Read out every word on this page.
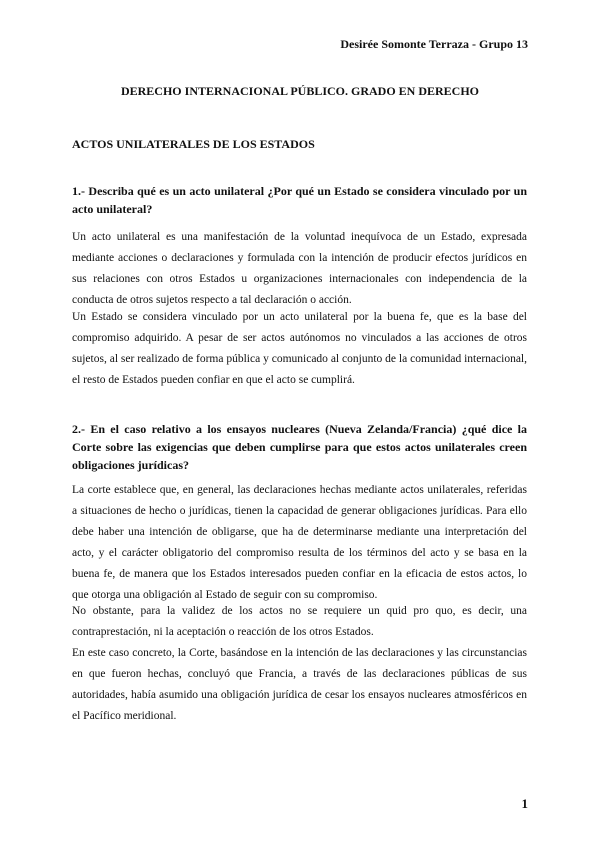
Desirée Somonte Terraza - Grupo 13
DERECHO INTERNACIONAL PÚBLICO. GRADO EN DERECHO
ACTOS UNILATERALES DE LOS ESTADOS
1.- Describa qué es un acto unilateral ¿Por qué un Estado se considera vinculado por un acto unilateral?
Un acto unilateral es una manifestación de la voluntad inequívoca de un Estado, expresada mediante acciones o declaraciones y formulada con la intención de producir efectos jurídicos en sus relaciones con otros Estados u organizaciones internacionales con independencia de la conducta de otros sujetos respecto a tal declaración o acción.
Un Estado se considera vinculado por un acto unilateral por la buena fe, que es la base del compromiso adquirido. A pesar de ser actos autónomos no vinculados a las acciones de otros sujetos, al ser realizado de forma pública y comunicado al conjunto de la comunidad internacional, el resto de Estados pueden confiar en que el acto se cumplirá.
2.- En el caso relativo a los ensayos nucleares (Nueva Zelanda/Francia) ¿qué dice la Corte sobre las exigencias que deben cumplirse para que estos actos unilaterales creen obligaciones jurídicas?
La corte establece que, en general, las declaraciones hechas mediante actos unilaterales, referidas a situaciones de hecho o jurídicas, tienen la capacidad de generar obligaciones jurídicas. Para ello debe haber una intención de obligarse, que ha de determinarse mediante una interpretación del acto, y el carácter obligatorio del compromiso resulta de los términos del acto y se basa en la buena fe, de manera que los Estados interesados pueden confiar en la eficacia de estos actos, lo que otorga una obligación al Estado de seguir con su compromiso.
No obstante, para la validez de los actos no se requiere un quid pro quo, es decir, una contraprestación, ni la aceptación o reacción de los otros Estados.
En este caso concreto, la Corte, basándose en la intención de las declaraciones y las circunstancias en que fueron hechas, concluyó que Francia, a través de las declaraciones públicas de sus autoridades, había asumido una obligación jurídica de cesar los ensayos nucleares atmosféricos en el Pacífico meridional.
1
